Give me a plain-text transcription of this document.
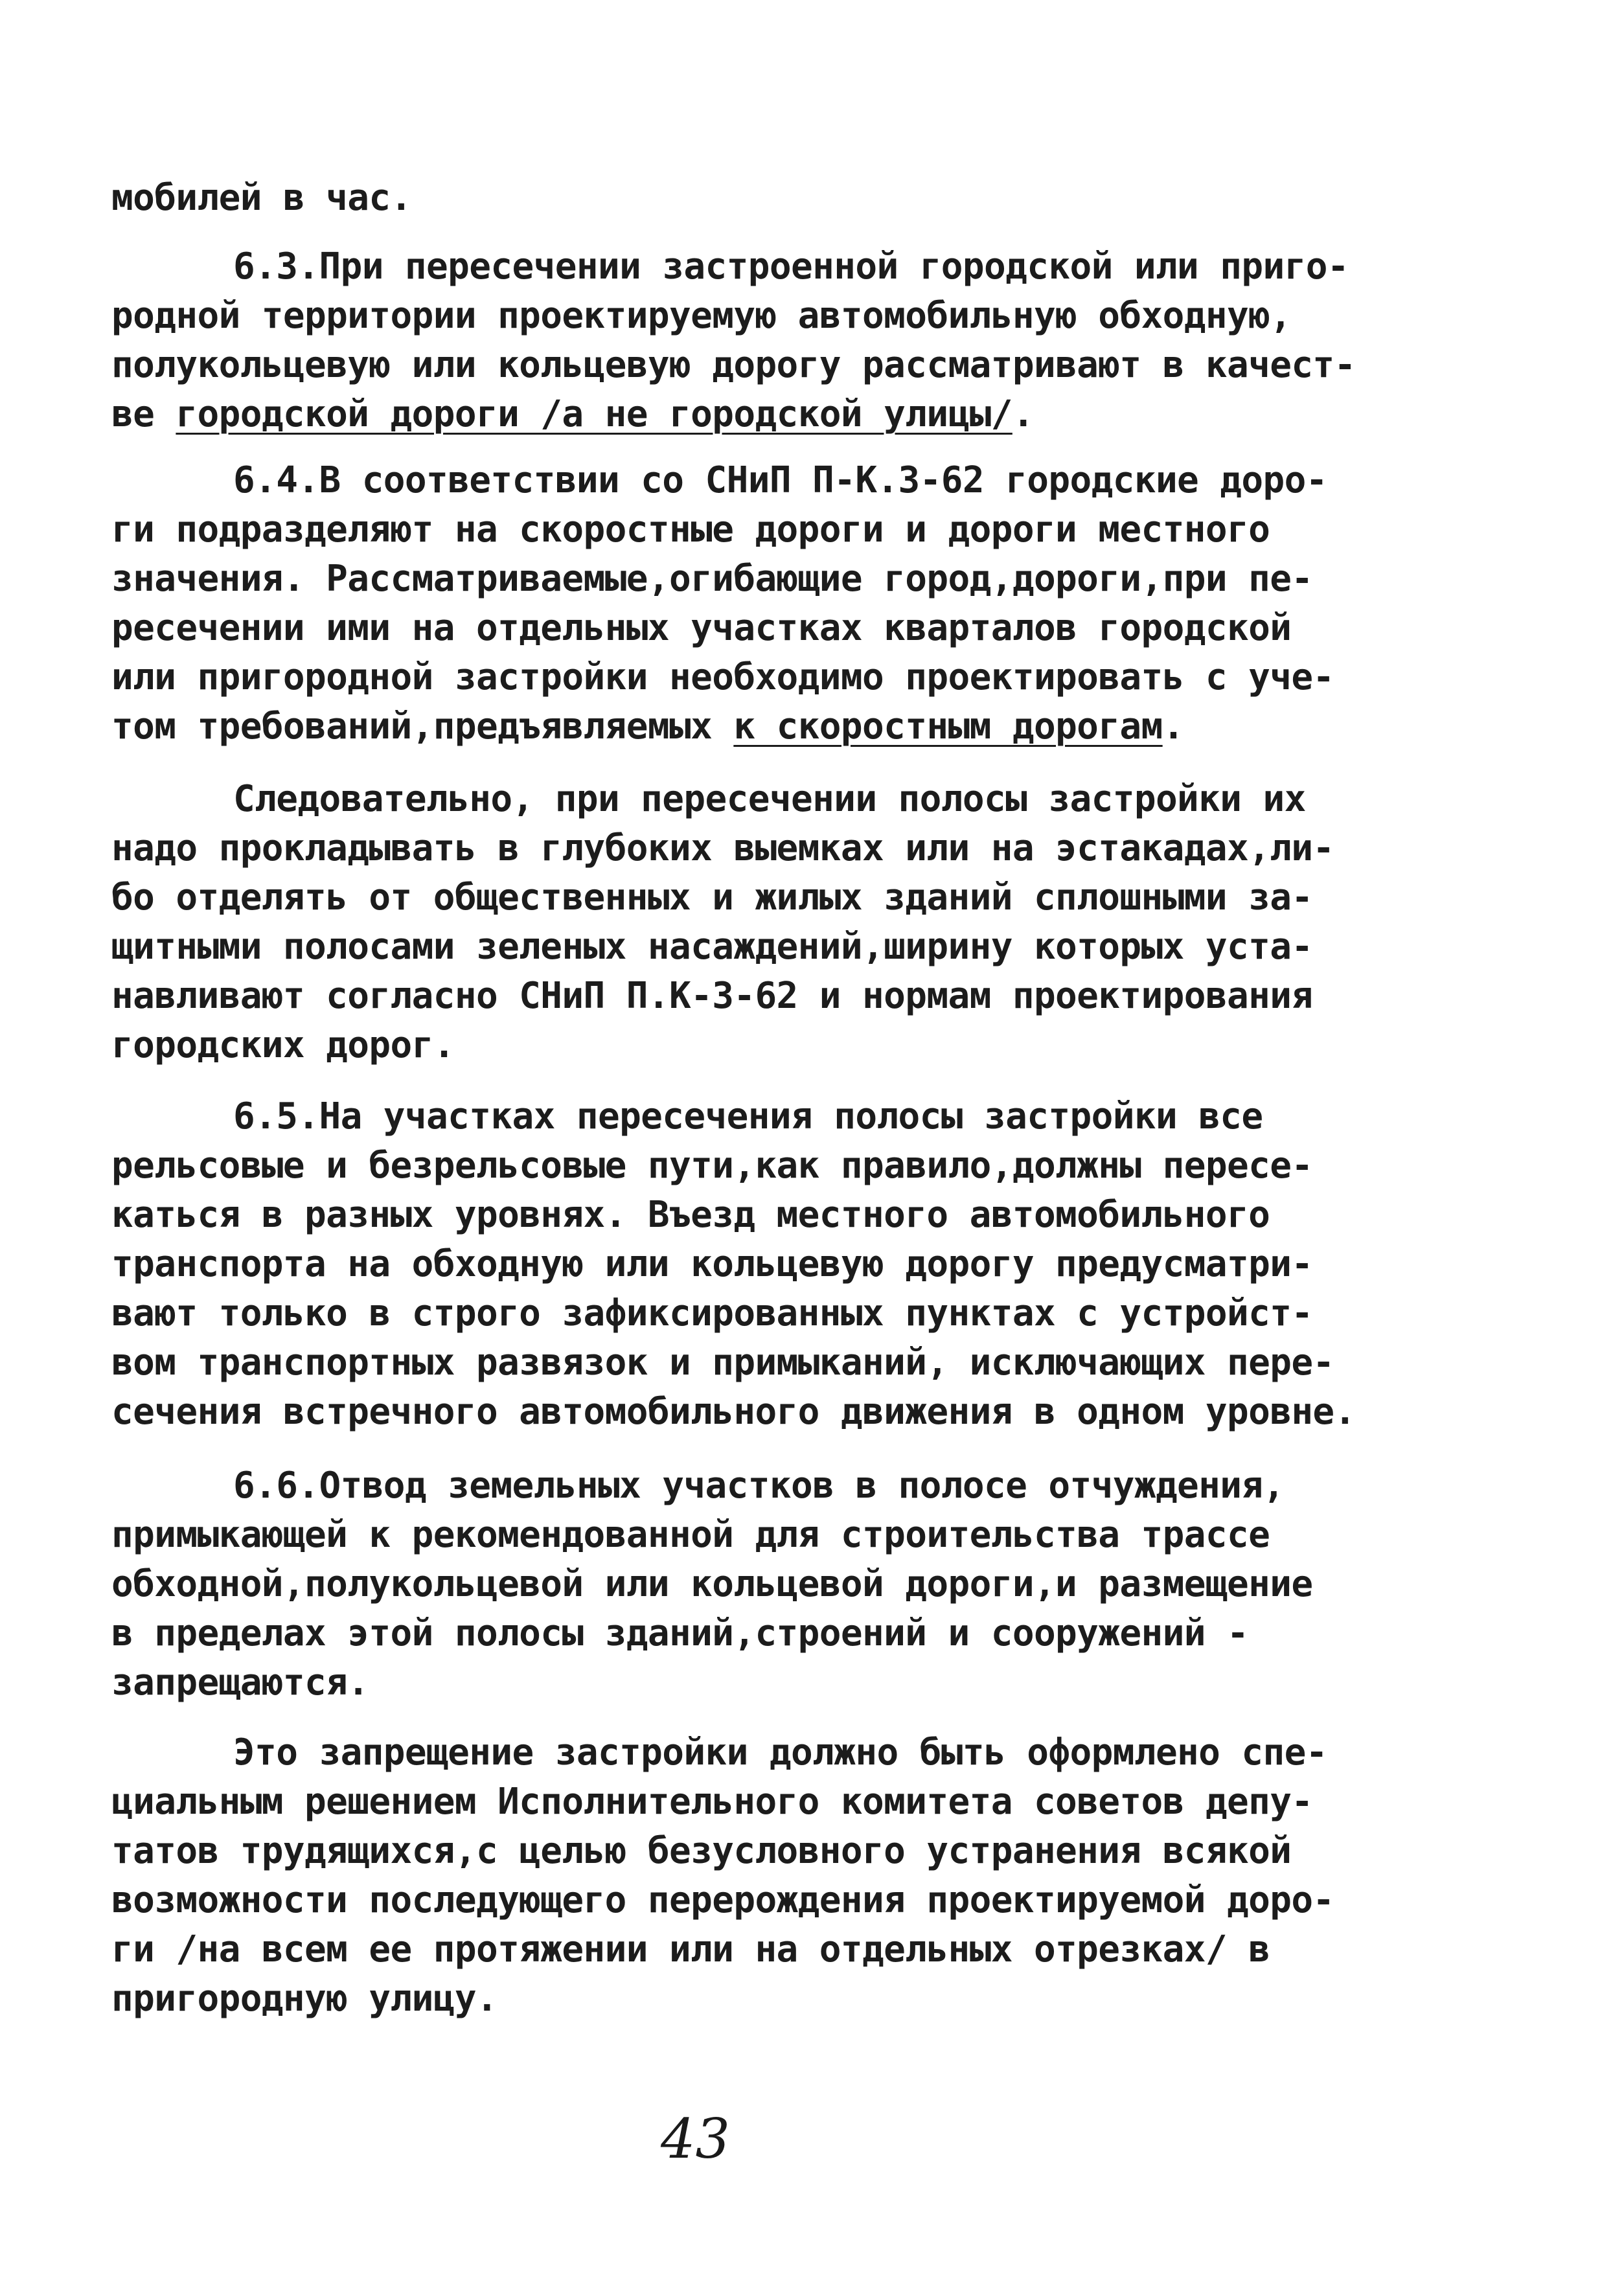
мобилей в час.

6.3.При пересечении застроенной городской или приго-

родной территории проектируемую автомобильную обходную,

полукольцевую или кольцевую дорогу рассматривают в качест-

ве городской дороги /а не городской улицы/.

6.4.В соответствии со СНиП П-К.3-62 городские доро-

ги подразделяют на скоростные дороги и дороги местного

значения. Рассматриваемые,огибающие город,дороги,при пе-

ресечении ими на отдельных участках кварталов городской

или пригородной застройки необходимо проектировать с уче-

том требований,предъявляемых к скоростным дорогам.

Следовательно, при пересечении полосы застройки их

надо прокладывать в глубоких выемках или на эстакадах,ли-

бо отделять от общественных и жилых зданий сплошными за-

щитными полосами зеленых насаждений,ширину которых уста-

навливают согласно СНиП П.К-3-62 и нормам проектирования

городских дорог.

6.5.На участках пересечения полосы застройки все

рельсовые и безрельсовые пути,как правило,должны пересе-

каться в разных уровнях. Въезд местного автомобильного

транспорта на обходную или кольцевую дорогу предусматри-

вают только в строго зафиксированных пунктах с устройст-

вом транспортных развязок и примыканий, исключающих пере-

сечения встречного автомобильного движения в одном уровне.

6.6.Отвод земельных участков в полосе отчуждения,

примыкающей к рекомендованной для строительства трассе

обходной,полукольцевой или кольцевой дороги,и размещение

в пределах этой полосы зданий,строений и сооружений -

запрещаются.

Это запрещение застройки должно быть оформлено спе-

циальным решением Исполнительного комитета советов депу-

татов трудящихся,с целью безусловного устранения всякой

возможности последующего перерождения проектируемой доро-

ги /на всем ее протяжении или на отдельных отрезках/ в

пригородную улицу.

43
